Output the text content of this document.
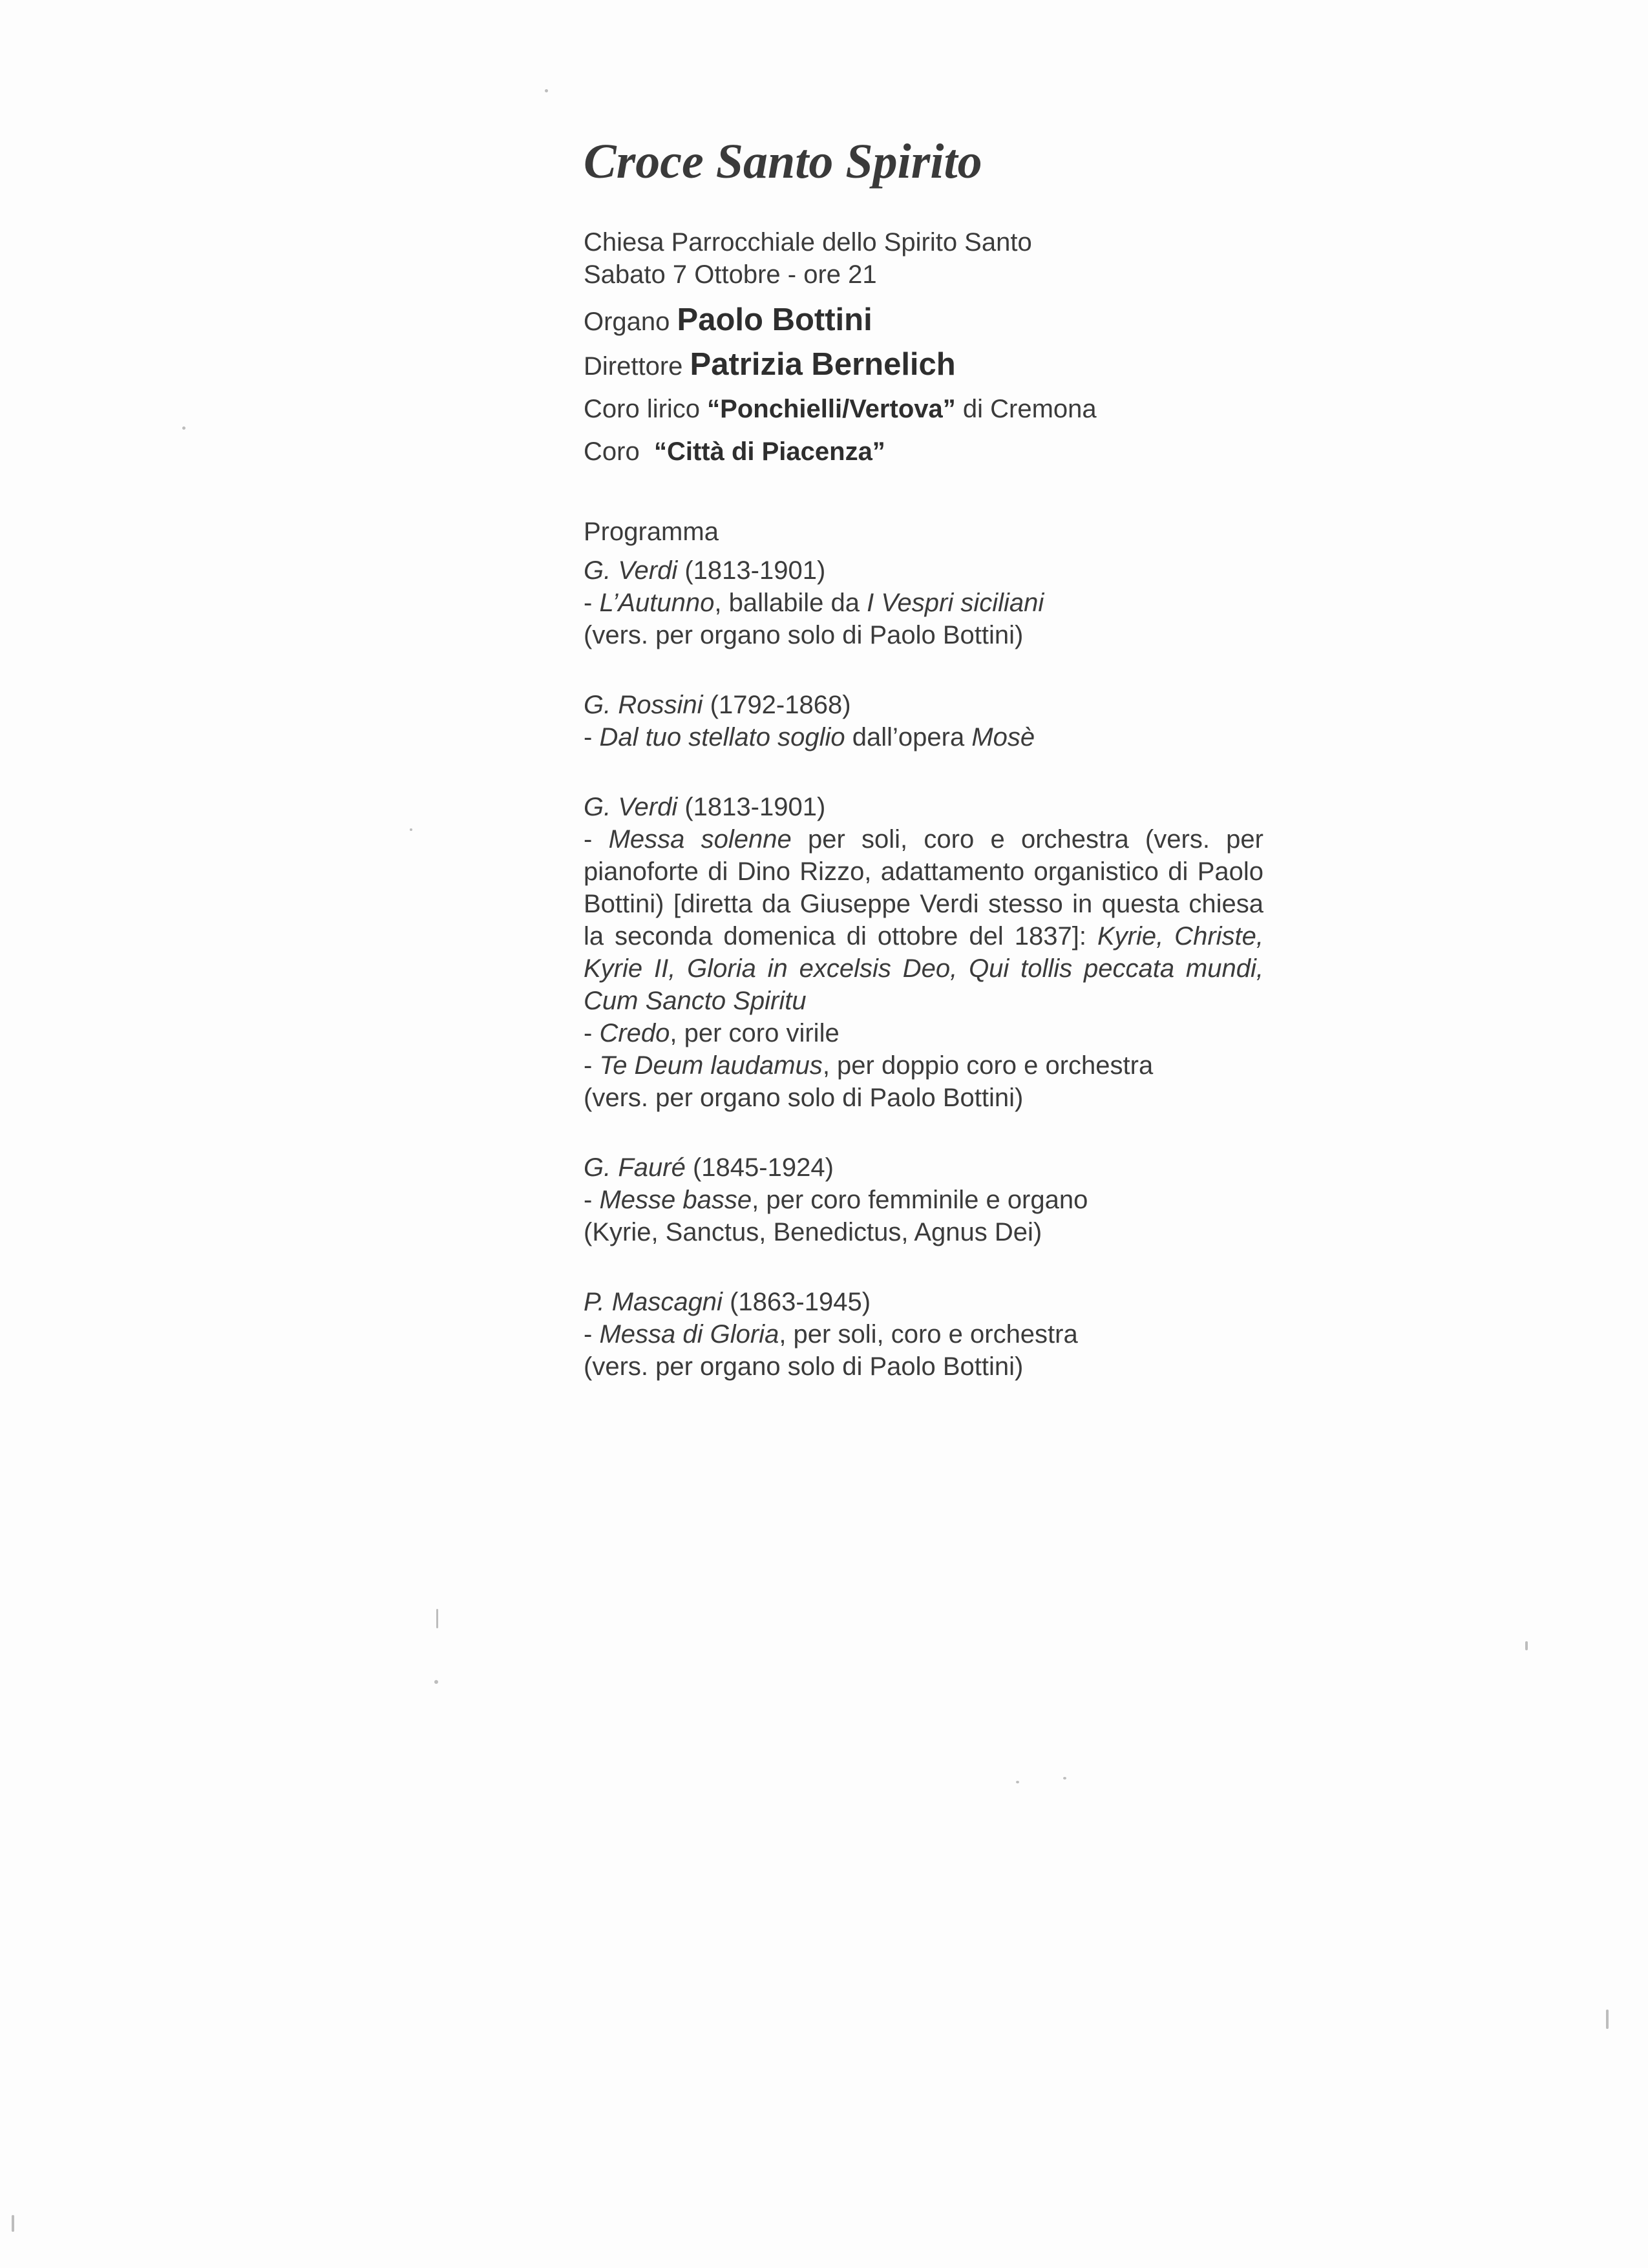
Croce Santo Spirito
Chiesa Parrocchiale dello Spirito Santo
Sabato 7 Ottobre - ore 21
Organo Paolo Bottini
Direttore Patrizia Bernelich
Coro lirico “Ponchielli/Vertova” di Cremona
Coro “Città di Piacenza”
Programma
G. Verdi (1813-1901)
- L’Autunno, ballabile da I Vespri siciliani
(vers. per organo solo di Paolo Bottini)
G. Rossini (1792-1868)
- Dal tuo stellato soglio dall’opera Mosè
G. Verdi (1813-1901)
- Messa solenne per soli, coro e orchestra (vers. per pianoforte di Dino Rizzo, adattamento organistico di Paolo Bottini) [diretta da Giuseppe Verdi stesso in questa chiesa la seconda domenica di ottobre del 1837]: Kyrie, Christe, Kyrie II, Gloria in excelsis Deo, Qui tollis peccata mundi, Cum Sancto Spiritu
- Credo, per coro virile
- Te Deum laudamus, per doppio coro e orchestra
(vers. per organo solo di Paolo Bottini)
G. Fauré (1845-1924)
- Messe basse, per coro femminile e organo
(Kyrie, Sanctus, Benedictus, Agnus Dei)
P. Mascagni (1863-1945)
- Messa di Gloria, per soli, coro e orchestra
(vers. per organo solo di Paolo Bottini)
